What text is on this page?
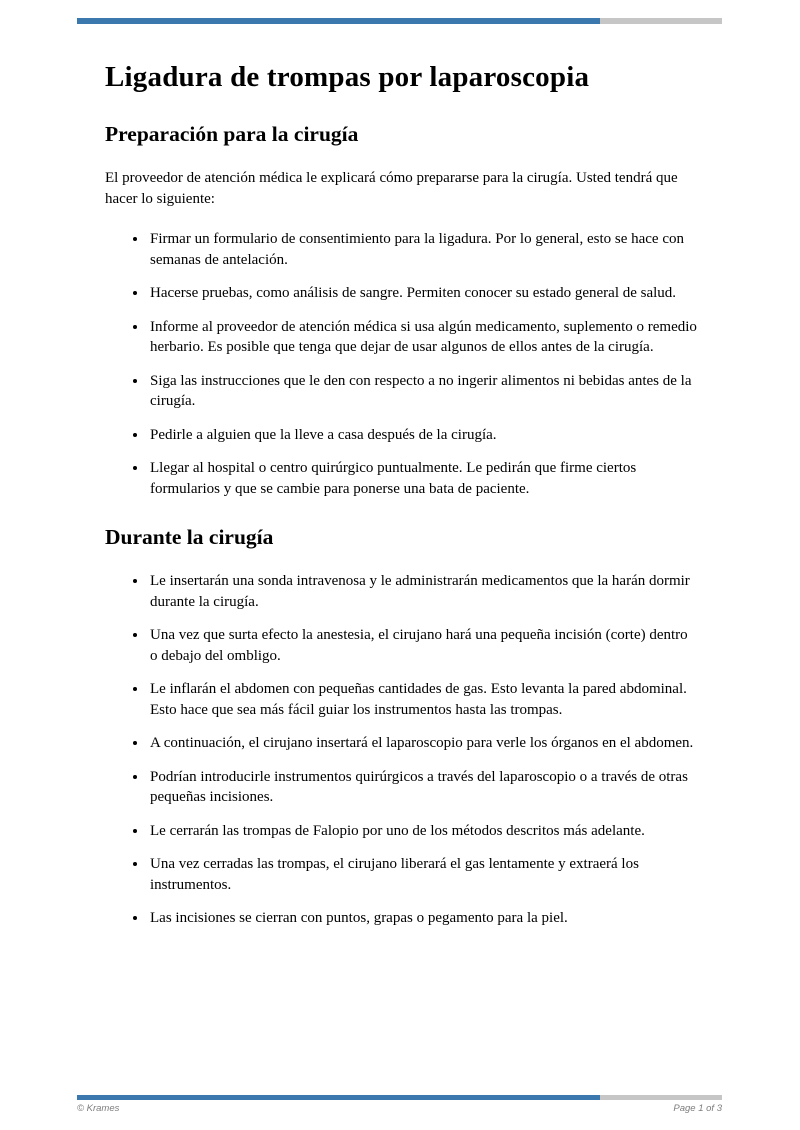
Ligadura de trompas por laparoscopia
Preparación para la cirugía

El proveedor de atención médica le explicará cómo prepararse para la cirugía. Usted tendrá que hacer lo siguiente:

• Firmar un formulario de consentimiento para la ligadura. Por lo general, esto se hace con semanas de antelación.
• Hacerse pruebas, como análisis de sangre. Permiten conocer su estado general de salud.
• Informe al proveedor de atención médica si usa algún medicamento, suplemento o remedio herbario. Es posible que tenga que dejar de usar algunos de ellos antes de la cirugía.
• Siga las instrucciones que le den con respecto a no ingerir alimentos ni bebidas antes de la cirugía.
• Pedirle a alguien que la lleve a casa después de la cirugía.
• Llegar al hospital o centro quirúrgico puntualmente. Le pedirán que firme ciertos formularios y que se cambie para ponerse una bata de paciente.
Durante la cirugía
• Le insertarán una sonda intravenosa y le administrarán medicamentos que la harán dormir durante la cirugía.
• Una vez que surta efecto la anestesia, el cirujano hará una pequeña incisión (corte) dentro o debajo del ombligo.
• Le inflarán el abdomen con pequeñas cantidades de gas. Esto levanta la pared abdominal. Esto hace que sea más fácil guiar los instrumentos hasta las trompas.
• A continuación, el cirujano insertará el laparoscopio para verle los órganos en el abdomen.
• Podrían introducirle instrumentos quirúrgicos a través del laparoscopio o a través de otras pequeñas incisiones.
• Le cerrarán las trompas de Falopio por uno de los métodos descritos más adelante.
• Una vez cerradas las trompas, el cirujano liberará el gas lentamente y extraerá los instrumentos.
• Las incisiones se cierran con puntos, grapas o pegamento para la piel.
© Krames	Page 1 of 3
